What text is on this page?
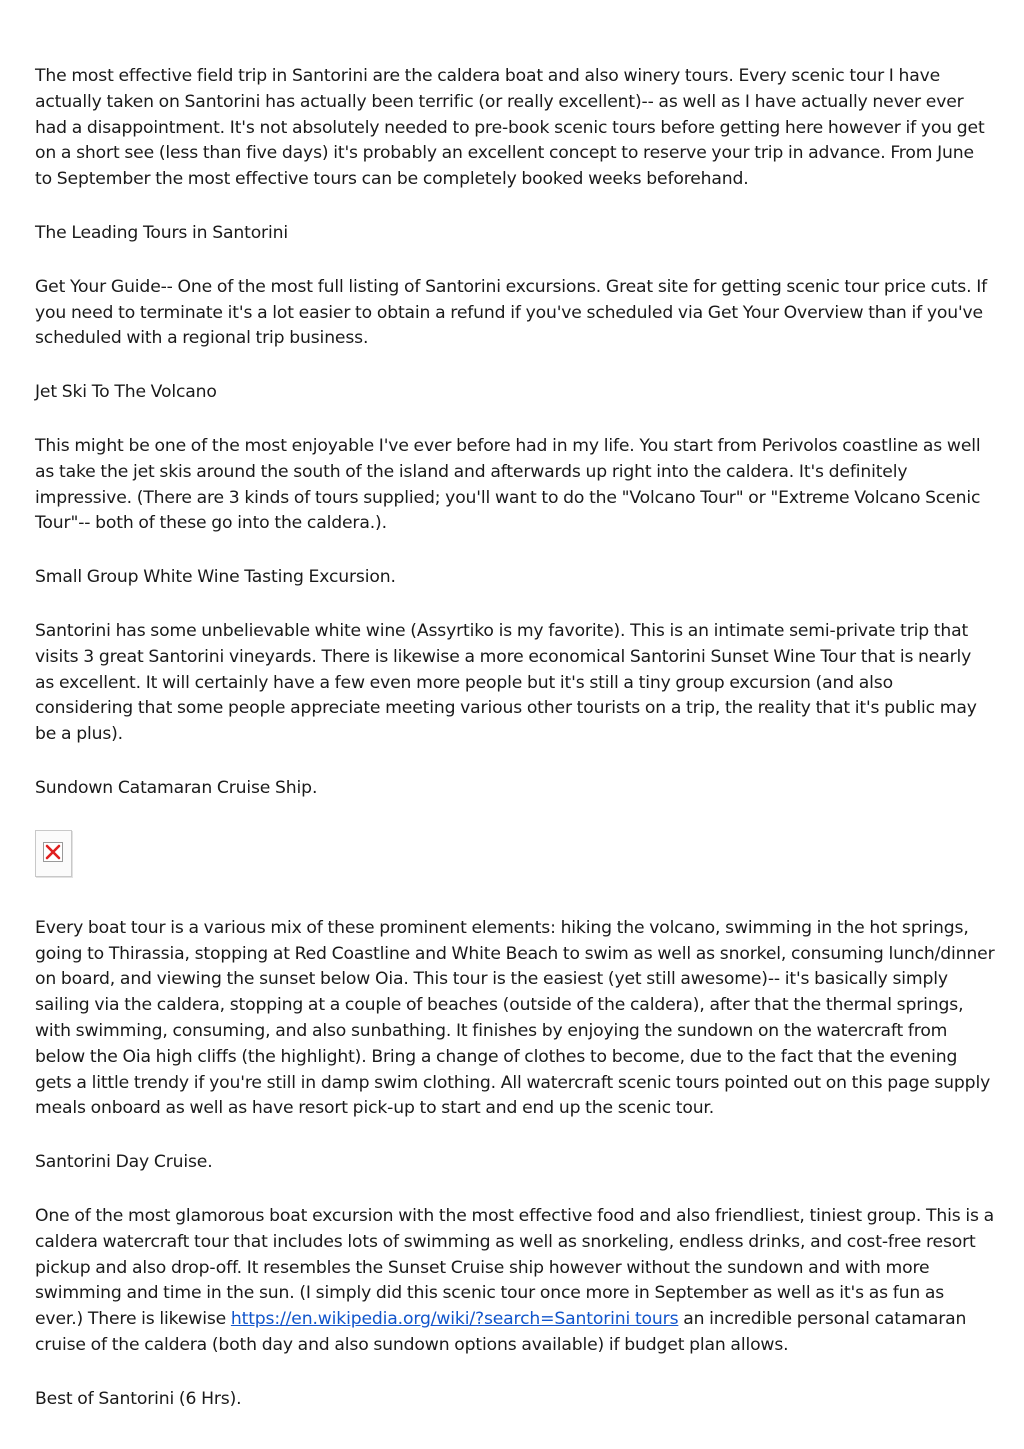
The most effective field trip in Santorini are the caldera boat and also winery tours. Every scenic tour I have actually taken on Santorini has actually been terrific (or really excellent)-- as well as I have actually never ever had a disappointment. It's not absolutely needed to pre-book scenic tours before getting here however if you get on a short see (less than five days) it's probably an excellent concept to reserve your trip in advance. From June to September the most effective tours can be completely booked weeks beforehand.

The Leading Tours in Santorini

Get Your Guide-- One of the most full listing of Santorini excursions. Great site for getting scenic tour price cuts. If you need to terminate it's a lot easier to obtain a refund if you've scheduled via Get Your Overview than if you've scheduled with a regional trip business.

Jet Ski To The Volcano

This might be one of the most enjoyable I've ever before had in my life. You start from Perivolos coastline as well as take the jet skis around the south of the island and afterwards up right into the caldera. It's definitely impressive. (There are 3 kinds of tours supplied; you'll want to do the "Volcano Tour" or "Extreme Volcano Scenic Tour"-- both of these go into the caldera.).

Small Group White Wine Tasting Excursion.

Santorini has some unbelievable white wine (Assyrtiko is my favorite). This is an intimate semi-private trip that visits 3 great Santorini vineyards. There is likewise a more economical Santorini Sunset Wine Tour that is nearly as excellent. It will certainly have a few even more people but it's still a tiny group excursion (and also considering that some people appreciate meeting various other tourists on a trip, the reality that it's public may be a plus).

Sundown Catamaran Cruise Ship.

Every boat tour is a various mix of these prominent elements: hiking the volcano, swimming in the hot springs, going to Thirassia, stopping at Red Coastline and White Beach to swim as well as snorkel, consuming lunch/dinner on board, and viewing the sunset below Oia. This tour is the easiest (yet still awesome)-- it's basically simply sailing via the caldera, stopping at a couple of beaches (outside of the caldera), after that the thermal springs, with swimming, consuming, and also sunbathing. It finishes by enjoying the sundown on the watercraft from below the Oia high cliffs (the highlight). Bring a change of clothes to become, due to the fact that the evening gets a little trendy if you're still in damp swim clothing. All watercraft scenic tours pointed out on this page supply meals onboard as well as have resort pick-up to start and end up the scenic tour.

Santorini Day Cruise.

One of the most glamorous boat excursion with the most effective food and also friendliest, tiniest group. This is a caldera watercraft tour that includes lots of swimming as well as snorkeling, endless drinks, and cost-free resort pickup and also drop-off. It resembles the Sunset Cruise ship however without the sundown and with more swimming and time in the sun. (I simply did this scenic tour once more in September as well as it's as fun as ever.) There is likewise https://en.wikipedia.org/wiki/?search=Santorini tours an incredible personal catamaran cruise of the caldera (both day and also sundown options available) if budget plan allows.

Best of Santorini (6 Hrs).
